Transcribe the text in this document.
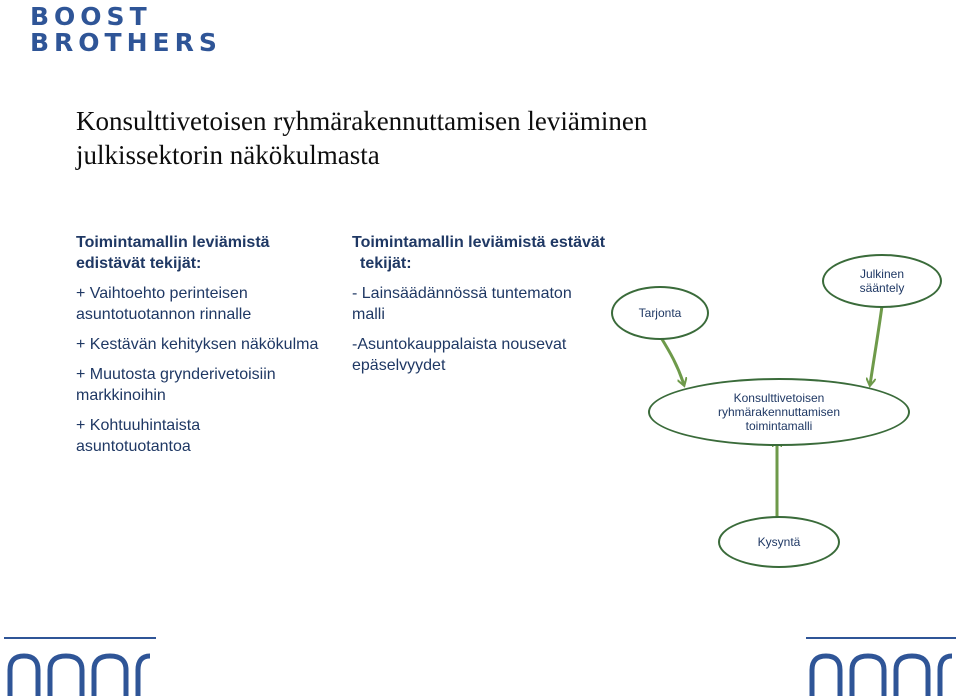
BOOST
BROTHERS
Konsulttivetoisen ryhmärakennuttamisen leviäminen
julkissektorin näkökulmasta
Toimintamallin leviämistä
edistävät tekijät:
+ Vaihtoehto perinteisen
asuntotuotannon rinnalle
+ Kestävän kehityksen näkökulma
+ Muutosta grynderivetoisiin
markkinoihin
+ Kohtuuhintaista
asuntotuotantoa
Toimintamallin leviämistä estävät
tekijät:
- Lainsäädännössä tuntematon
malli
-Asuntokauppalaista nousevat
epäselvyydet
Tarjonta
Julkinen
sääntely
Konsulttivetoisen
ryhmärakennuttamisen
toimintamalli
Kysyntä
